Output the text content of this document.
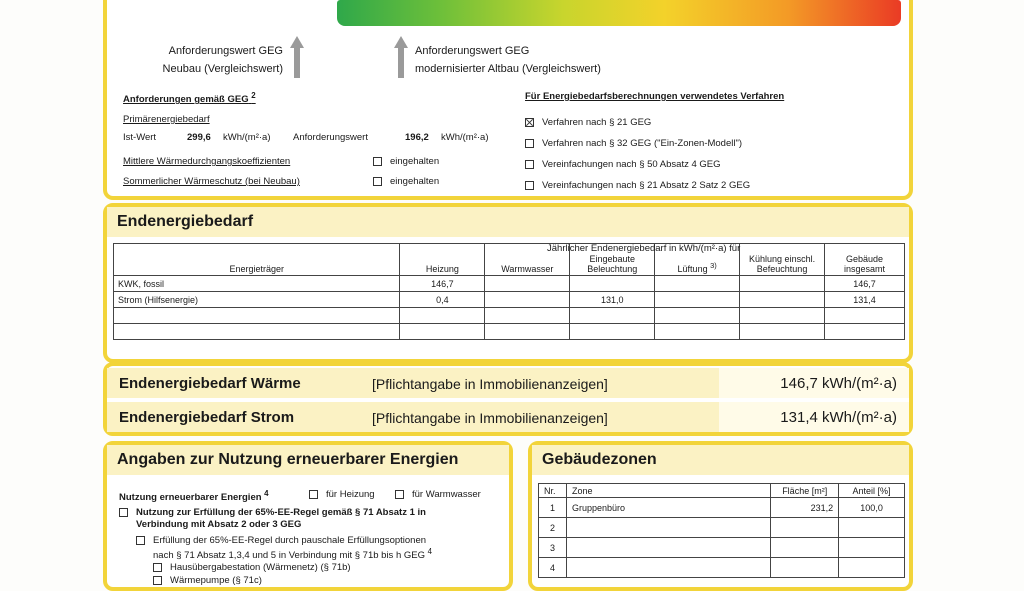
Anforderungswert GEG
Neubau (Vergleichswert)
Anforderungswert GEG
modernisierter Altbau (Vergleichswert)
Anforderungen gemäß GEG $^2$
Primärenergiebedarf
Ist-Wert	299,6 kWh/(m²·a) Anforderungswert	196,2 kWh/(m²·a)
Mittlere Wärmedurchgangskoeffizienten	eingehalten
Sommerlicher Wärmeschutz (bei Neubau)	eingehalten
Für Energiebedarfsberechnungen verwendetes Verfahren
Verfahren nach § 21 GEG
Verfahren nach § 32 GEG ("Ein-Zonen-Modell")
Vereinfachungen nach § 50 Absatz 4 GEG
Vereinfachungen nach § 21 Absatz 2 Satz 2 GEG
Endenergiebedarf
Energieträger	Heizung	Warmwasser	Eingebaute Beleuchtung	Lüftung $^{3)}$	Kühlung einschl. Befeuchtung	Gebäude insgesamt
KWK, fossil	146,7					146,7
Strom (Hilfsenergie)	0,4		131,0			131,4

Jährlicher Endenergiebedarf in kWh/(m²·a) für
Endenergiebedarf Wärme	[Pflichtangabe in Immobilienanzeigen]	146,7 kWh/(m²·a)
Endenergiebedarf Strom	[Pflichtangabe in Immobilienanzeigen]	131,4 kWh/(m²·a)
Angaben zur Nutzung erneuerbarer Energien
Nutzung erneuerbarer Energien $^4$	für Heizung	für Warmwasser
Nutzung zur Erfüllung der 65%-EE-Regel gemäß § 71 Absatz 1 in
Verbindung mit Absatz 2 oder 3 GEG
Erfüllung der 65%-EE-Regel durch pauschale Erfüllungsoptionen
nach § 71 Absatz 1,3,4 und 5 in Verbindung mit § 71b bis h GEG $^4$
Hausübergabestation (Wärmenetz) (§ 71b)
Wärmepumpe (§ 71c)
Gebäudezonen
Nr.	Zone	Fläche [m²]	Anteil [%]
1	Gruppenbüro	231,2	100,0
2			
3			
4			
